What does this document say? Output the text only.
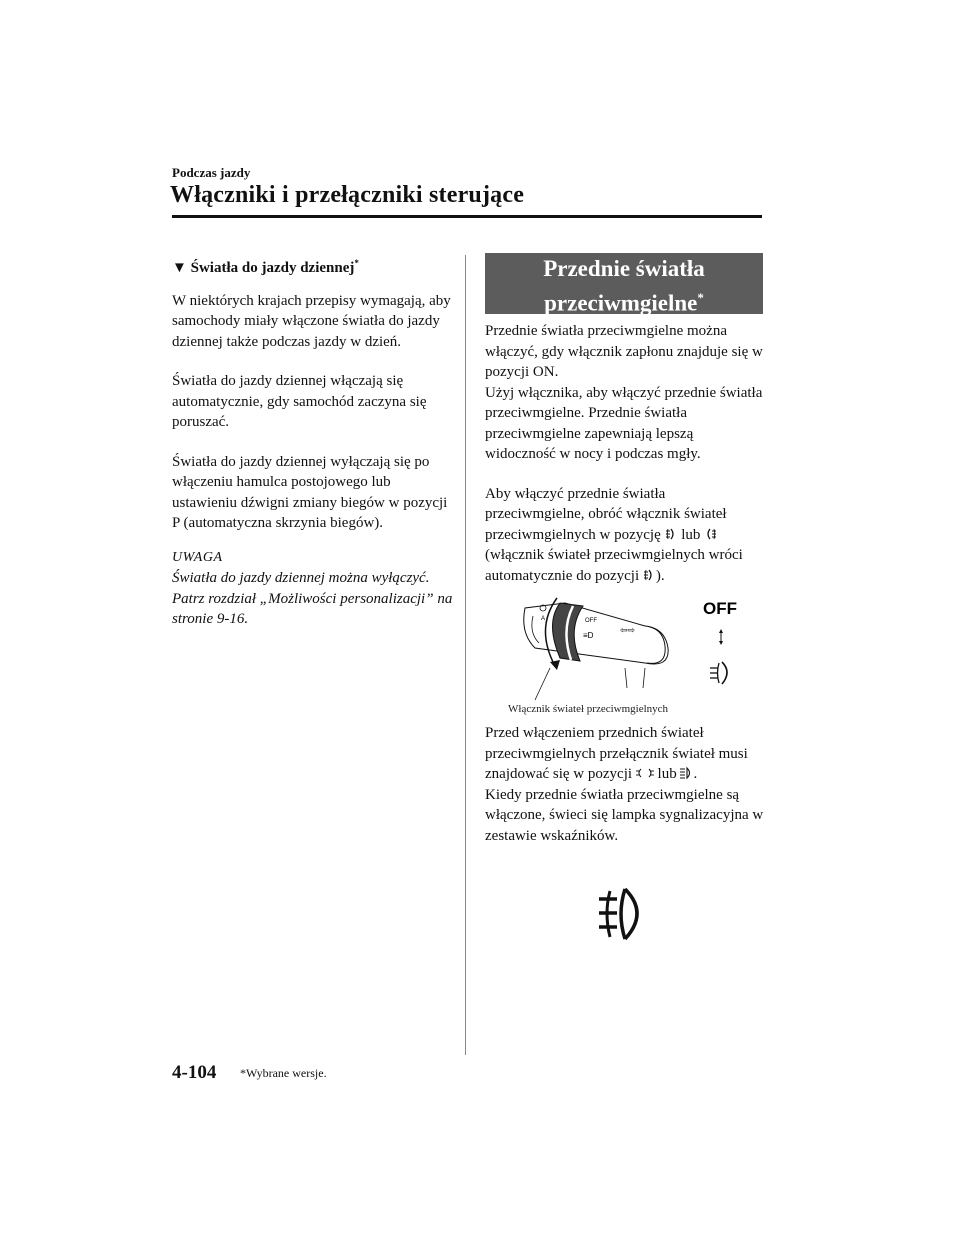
Podczas jazdy
Włączniki i przełączniki sterujące
▼ Światła do jazdy dziennej*

W niektórych krajach przepisy wymagają, aby samochody miały włączone światła do jazdy dziennej także podczas jazdy w dzień.

Światła do jazdy dziennej włączają się automatycznie, gdy samochód zaczyna się poruszać.

Światła do jazdy dziennej wyłączają się po włączeniu hamulca postojowego lub ustawieniu dźwigni zmiany biegów w pozycji P (automatyczna skrzynia biegów).

UWAGA
Światła do jazdy dziennej można wyłączyć. Patrz rozdział „Możliwości personalizacji” na stronie 9-16.
Przednie światła
przeciwmgielne*

Przednie światła przeciwmgielne można włączyć, gdy włącznik zapłonu znajduje się w pozycji ON.

Użyj włącznika, aby włączyć przednie światła przeciwmgielne. Przednie światła przeciwmgielne zapewniają lepszą widoczność w nocy i podczas mgły.

Aby włączyć przednie światła przeciwmgielne, obróć włącznik świateł przeciwmgielnych w pozycję lub  (włącznik świateł przeciwmgielnych wróci automatycznie do pozycji ).

OFF
A
≡D
⇦⇨
OFF
Włącznik świateł przeciwmgielnych

Przed włączeniem przednich świateł przeciwmgielnych przełącznik świateł musi znajdować się w pozycji lub .

Kiedy przednie światła przeciwmgielne są włączone, świeci się lampka sygnalizacyjna w zestawie wskaźników.

4-104 *Wybrane wersje.
